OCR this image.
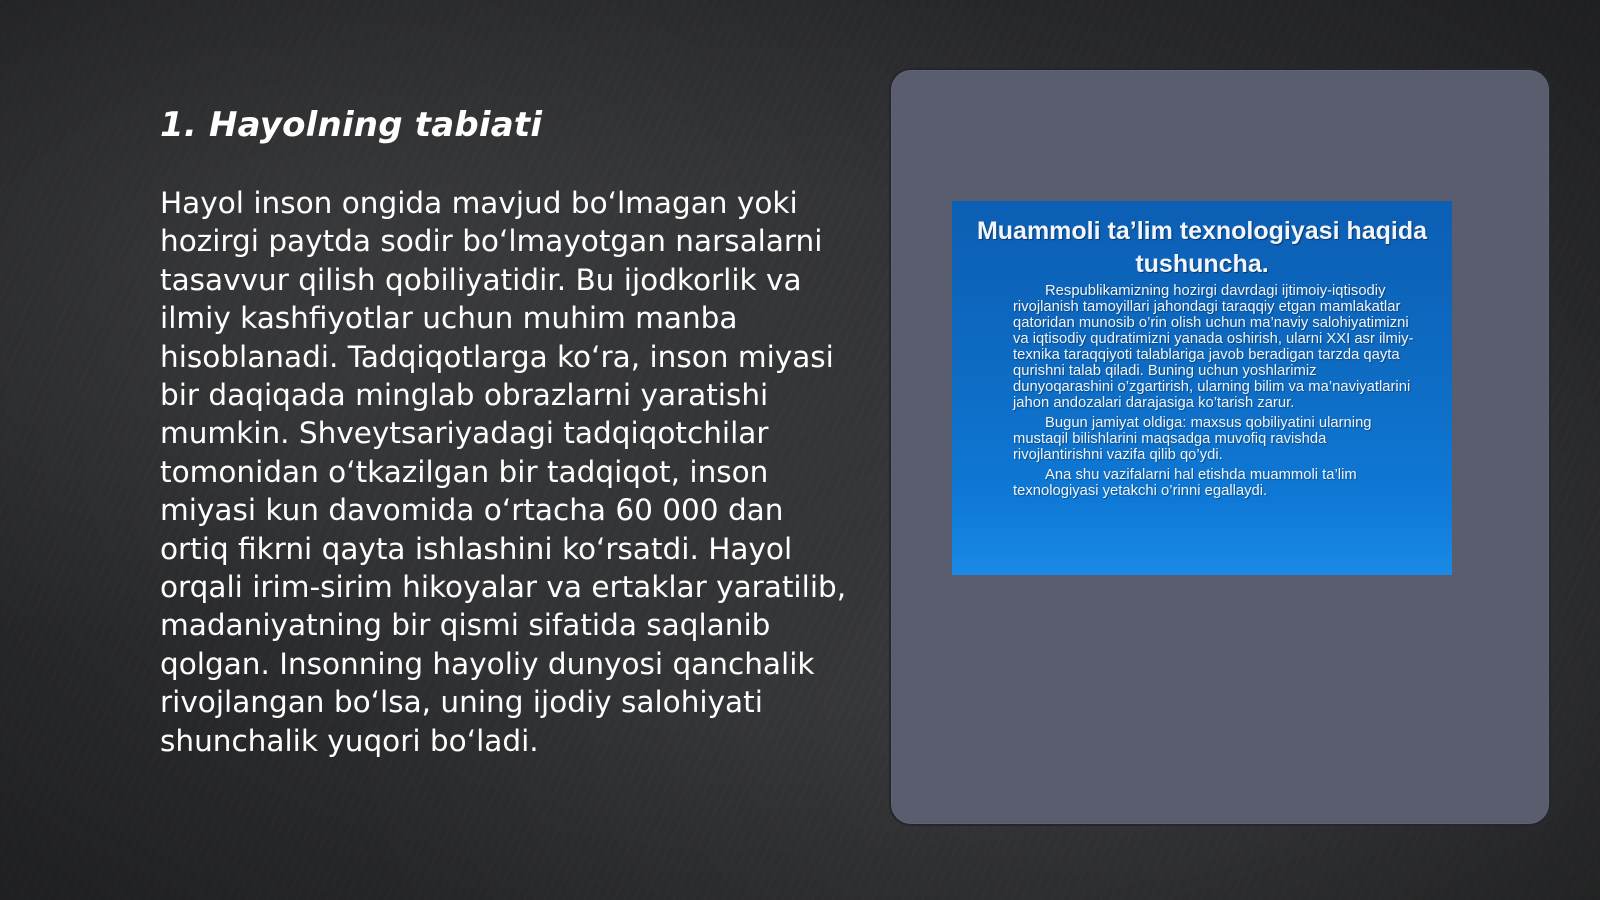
1. Hayolning tabiati

Hayol inson ongida mavjud bo‘lmagan yoki hozirgi paytda sodir bo‘lmayotgan narsalarni tasavvur qilish qobiliyatidir. Bu ijodkorlik va ilmiy kashfiyotlar uchun muhim manba hisoblanadi. Tadqiqotlarga ko‘ra, inson miyasi bir daqiqada minglab obrazlarni yaratishi mumkin. Shveytsariyadagi tadqiqotchilar tomonidan o‘tkazilgan bir tadqiqot, inson miyasi kun davomida o‘rtacha 60 000 dan ortiq fikrni qayta ishlashini ko‘rsatdi. Hayol orqali irim-sirim hikoyalar va ertaklar yaratilib, madaniyatning bir qismi sifatida saqlanib qolgan. Insonning hayoliy dunyosi qanchalik rivojlangan bo‘lsa, uning ijodiy salohiyati shunchalik yuqori bo‘ladi.

Muammoli ta’lim texnologiyasi haqida tushuncha.

Respublikamizning hozirgi davrdagi ijtimoiy-iqtisodiy rivojlanish tamoyillari jahondagi taraqqiy etgan mamlakatlar qatoridan munosib o’rin olish uchun ma’naviy salohiyatimizni va iqtisodiy qudratimizni yanada oshirish, ularni XXI asr ilmiy-texnika taraqqiyoti talablariga javob beradigan tarzda qayta qurishni talab qiladi. Buning uchun yoshlarimiz dunyoqarashini o’zgartirish, ularning bilim va ma’naviyatlarini jahon andozalari darajasiga ko’tarish zarur.

Bugun jamiyat oldiga: maxsus qobiliyatini ularning mustaqil bilishlarini maqsadga muvofiq ravishda rivojlantirishni vazifa qilib qo’ydi.

Ana shu vazifalarni hal etishda muammoli ta’lim texnologiyasi yetakchi o’rinni egallaydi.
